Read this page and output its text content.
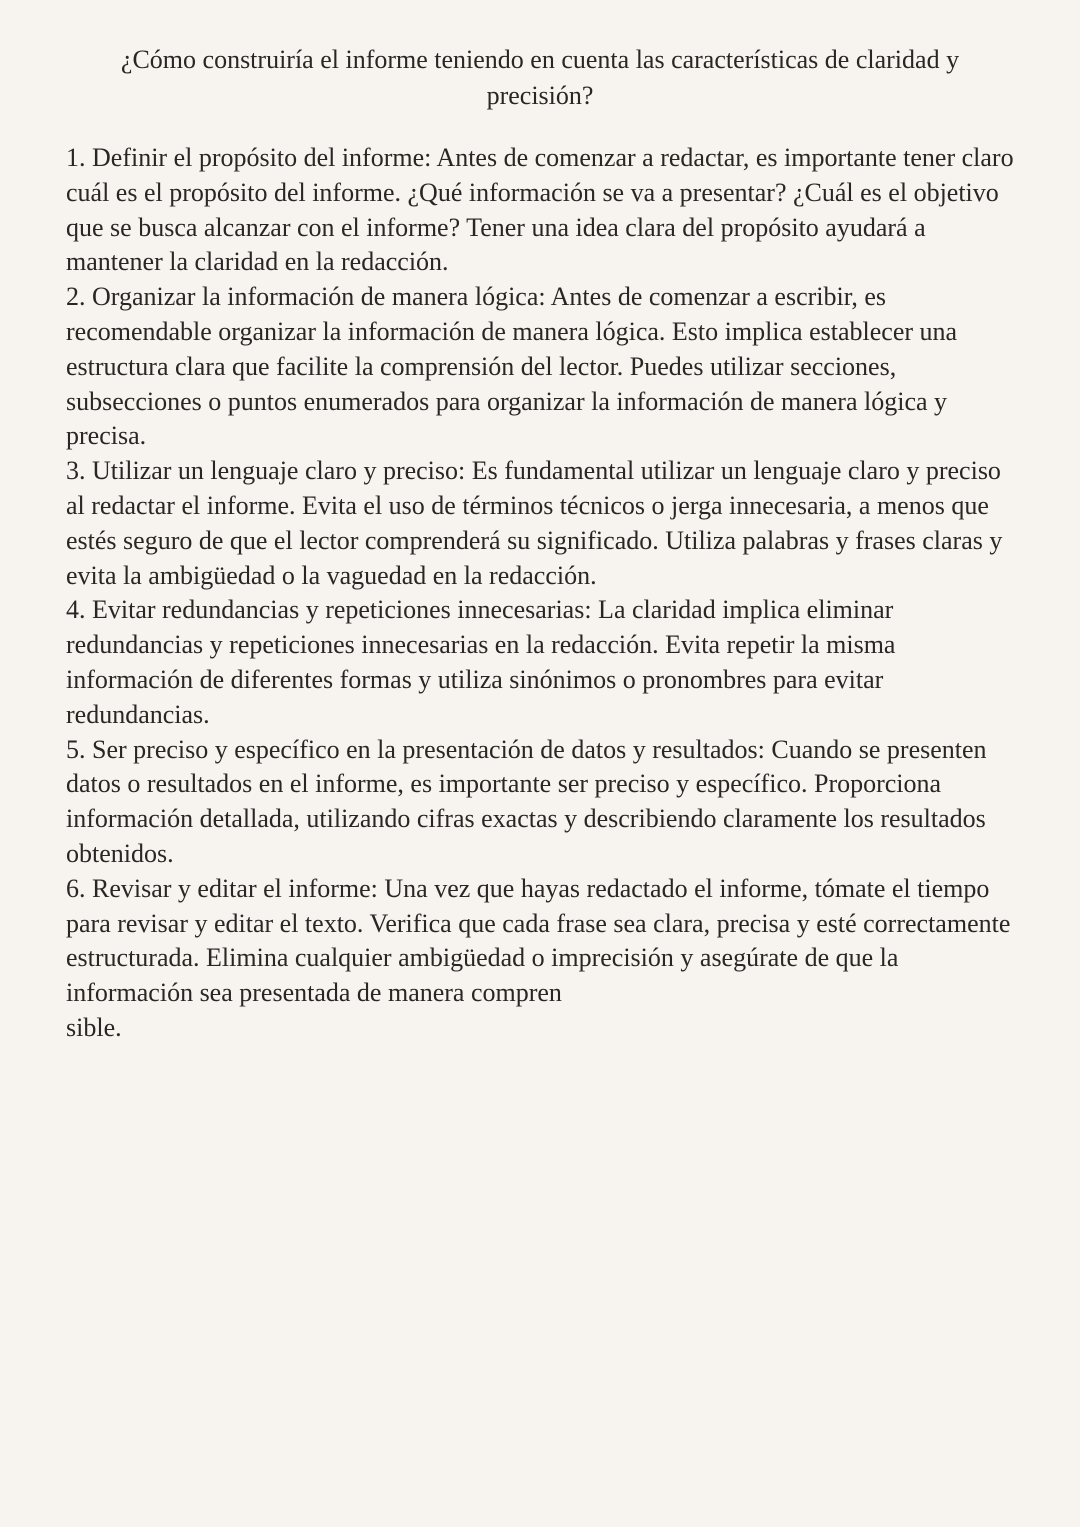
¿Cómo construiría el informe teniendo en cuenta las características de claridad y precisión?

1. Definir el propósito del informe: Antes de comenzar a redactar, es importante tener claro cuál es el propósito del informe. ¿Qué información se va a presentar? ¿Cuál es el objetivo que se busca alcanzar con el informe? Tener una idea clara del propósito ayudará a mantener la claridad en la redacción.

2. Organizar la información de manera lógica: Antes de comenzar a escribir, es recomendable organizar la información de manera lógica. Esto implica establecer una estructura clara que facilite la comprensión del lector. Puedes utilizar secciones, subsecciones o puntos enumerados para organizar la información de manera lógica y precisa.

3. Utilizar un lenguaje claro y preciso: Es fundamental utilizar un lenguaje claro y preciso al redactar el informe. Evita el uso de términos técnicos o jerga innecesaria, a menos que estés seguro de que el lector comprenderá su significado. Utiliza palabras y frases claras y evita la ambigüedad o la vaguedad en la redacción.

4. Evitar redundancias y repeticiones innecesarias: La claridad implica eliminar redundancias y repeticiones innecesarias en la redacción. Evita repetir la misma información de diferentes formas y utiliza sinónimos o pronombres para evitar redundancias.

5. Ser preciso y específico en la presentación de datos y resultados: Cuando se presenten datos o resultados en el informe, es importante ser preciso y específico. Proporciona información detallada, utilizando cifras exactas y describiendo claramente los resultados obtenidos.

6. Revisar y editar el informe: Una vez que hayas redactado el informe, tómate el tiempo para revisar y editar el texto. Verifica que cada frase sea clara, precisa y esté correctamente estructurada. Elimina cualquier ambigüedad o imprecisión y asegúrate de que la información sea presentada de manera compren

sible.
